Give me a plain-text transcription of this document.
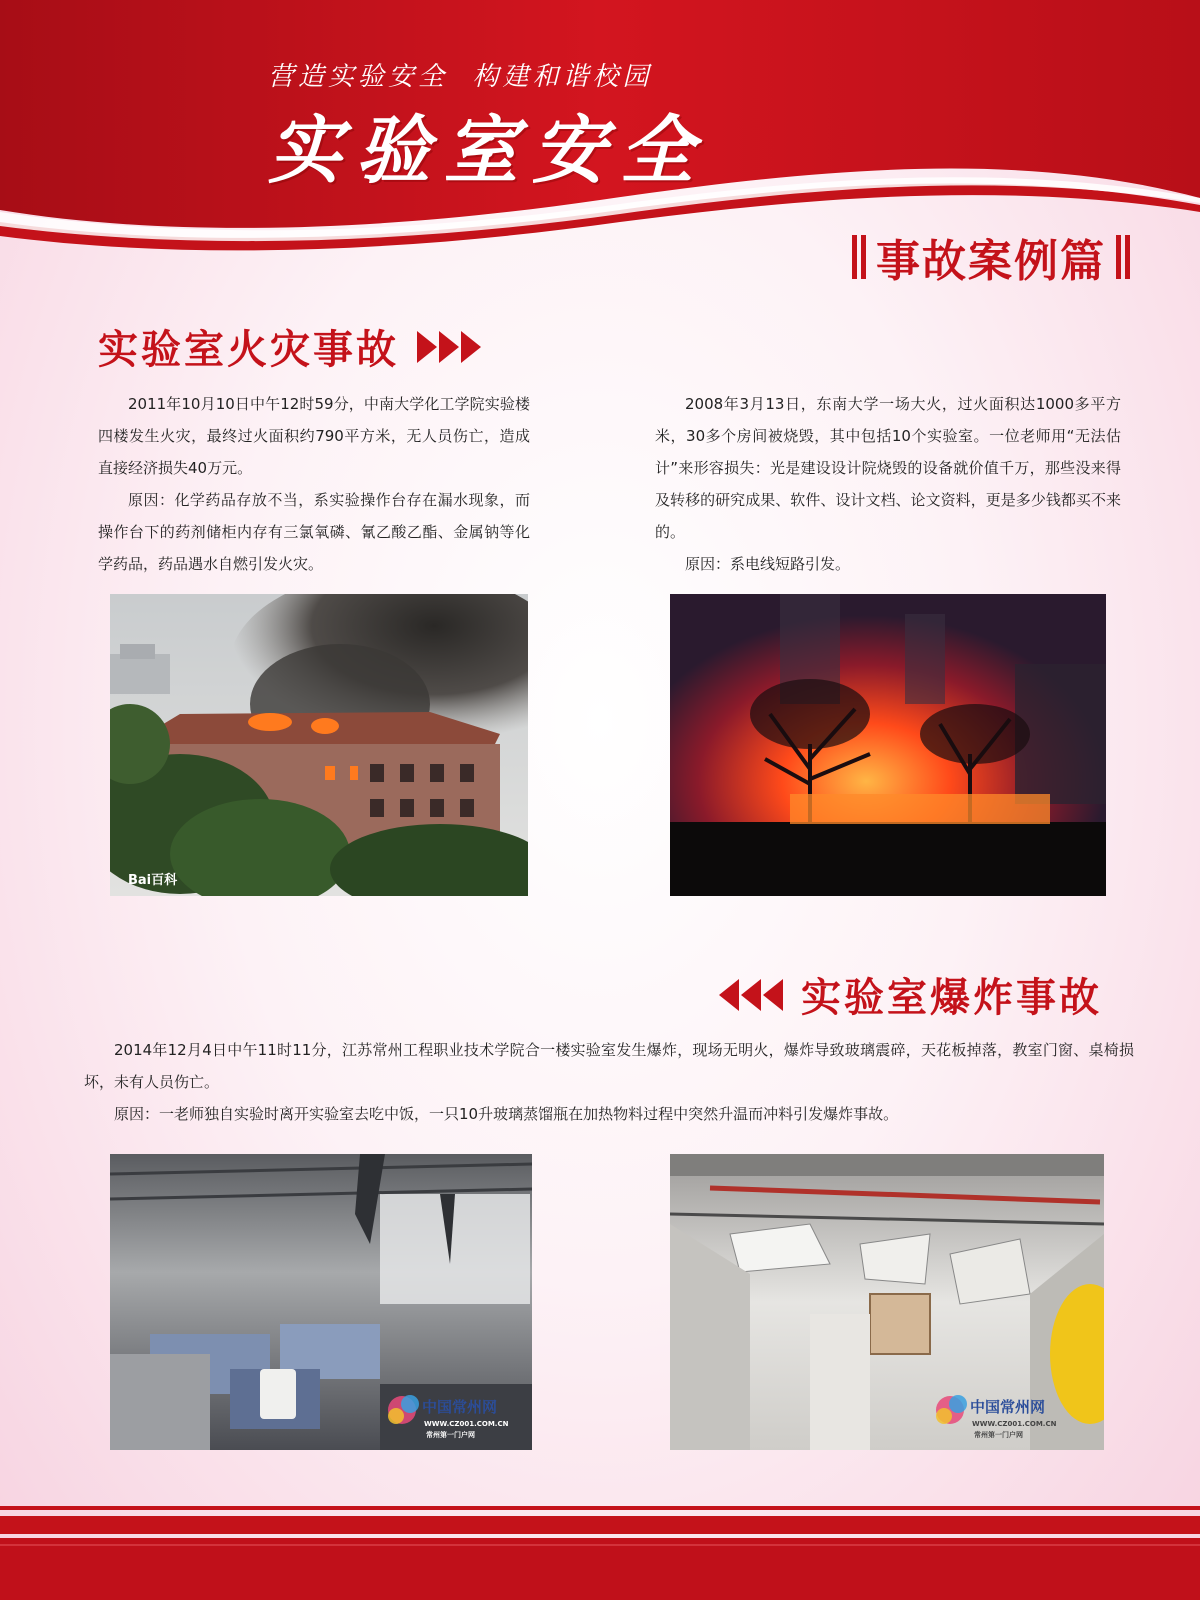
营造实验安全  构建和谐校园
实验室安全
事故案例篇
实验室火灾事故

2011年10月10日中午12时59分，中南大学化工学院实验楼四楼发生火灾，最终过火面积约790平方米，无人员伤亡，造成直接经济损失40万元。

原因：化学药品存放不当，系实验操作台存在漏水现象，而操作台下的药剂储柜内存有三氯氧磷、氰乙酸乙酯、金属钠等化学药品，药品遇水自燃引发火灾。

2008年3月13日，东南大学一场大火，过火面积达1000多平方米，30多个房间被烧毁，其中包括10个实验室。一位老师用“无法估计”来形容损失：光是建设设计院烧毁的设备就价值千万，那些没来得及转移的研究成果、软件、设计文档、论文资料，更是多少钱都买不来的。

原因：系电线短路引发。

Bai百科
实验室爆炸事故

2014年12月4日中午11时11分，江苏常州工程职业技术学院合一楼实验室发生爆炸，现场无明火，爆炸导致玻璃震碎，天花板掉落，教室门窗、桌椅损坏，未有人员伤亡。

原因：一老师独自实验时离开实验室去吃中饭，一只10升玻璃蒸馏瓶在加热物料过程中突然升温而冲料引发爆炸事故。

中国常州网
WWW.CZ001.COM.CN
常州第一门户网
中国常州网
WWW.CZ001.COM.CN
常州第一门户网
